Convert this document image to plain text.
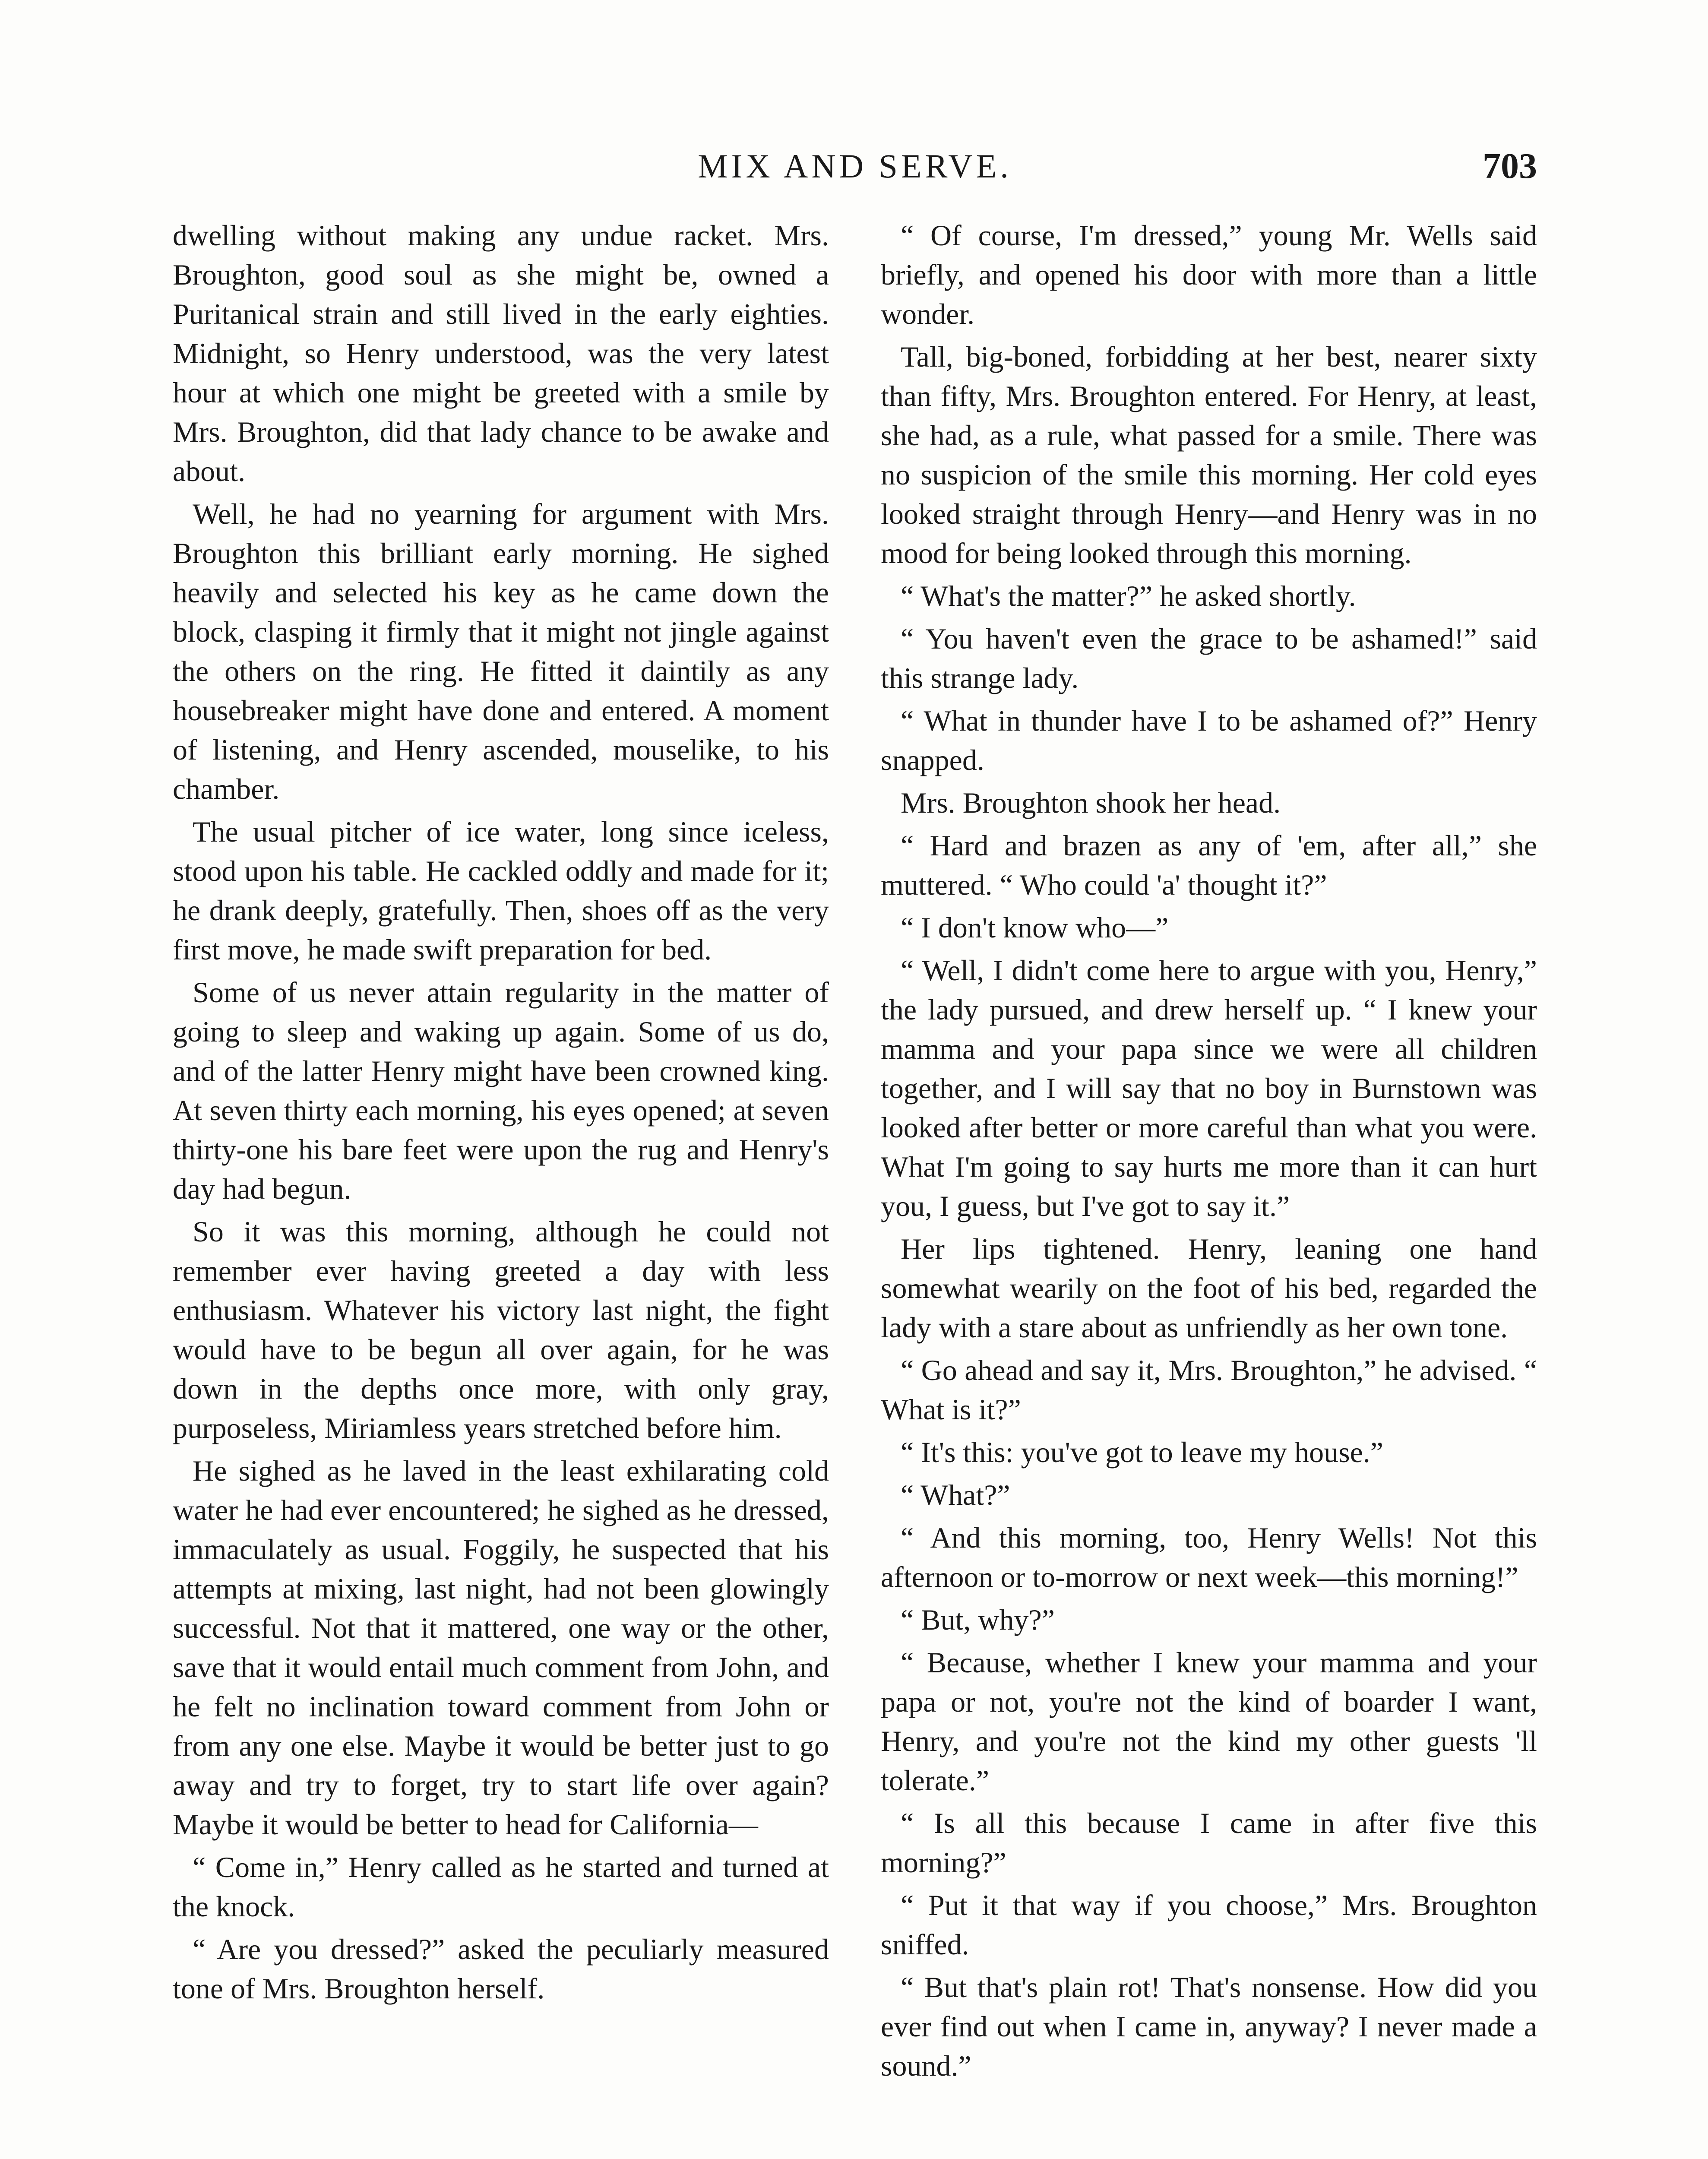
MIX AND SERVE.	703

dwelling without making any undue racket. Mrs. Broughton, good soul as she might be, owned a Puritanical strain and still lived in the early eighties. Midnight, so Henry understood, was the very latest hour at which one might be greeted with a smile by Mrs. Broughton, did that lady chance to be awake and about.

Well, he had no yearning for argument with Mrs. Broughton this brilliant early morning. He sighed heavily and selected his key as he came down the block, clasping it firmly that it might not jingle against the others on the ring. He fitted it daintily as any housebreaker might have done and entered. A moment of listening, and Henry ascended, mouselike, to his chamber.

The usual pitcher of ice water, long since iceless, stood upon his table. He cackled oddly and made for it; he drank deeply, gratefully. Then, shoes off as the very first move, he made swift preparation for bed.

Some of us never attain regularity in the matter of going to sleep and waking up again. Some of us do, and of the latter Henry might have been crowned king. At seven thirty each morning, his eyes opened; at seven thirty-one his bare feet were upon the rug and Henry's day had begun.

So it was this morning, although he could not remember ever having greeted a day with less enthusiasm. Whatever his victory last night, the fight would have to be begun all over again, for he was down in the depths once more, with only gray, purposeless, Miriamless years stretched before him.

He sighed as he laved in the least exhilarating cold water he had ever encountered; he sighed as he dressed, immaculately as usual. Foggily, he suspected that his attempts at mixing, last night, had not been glowingly successful. Not that it mattered, one way or the other, save that it would entail much comment from John, and he felt no inclination toward comment from John or from any one else. Maybe it would be better just to go away and try to forget, try to start life over again? Maybe it would be better to head for California—

“ Come in,” Henry called as he started and turned at the knock.

“ Are you dressed?” asked the peculiarly measured tone of Mrs. Broughton herself.

“ Of course, I'm dressed,” young Mr. Wells said briefly, and opened his door with more than a little wonder.

Tall, big-boned, forbidding at her best, nearer sixty than fifty, Mrs. Broughton entered. For Henry, at least, she had, as a rule, what passed for a smile. There was no suspicion of the smile this morning. Her cold eyes looked straight through Henry—and Henry was in no mood for being looked through this morning.

“ What's the matter?” he asked shortly.

“ You haven't even the grace to be ashamed!” said this strange lady.

“ What in thunder have I to be ashamed of?” Henry snapped.

Mrs. Broughton shook her head.

“ Hard and brazen as any of 'em, after all,” she muttered. “ Who could 'a' thought it?”

“ I don't know who—”

“ Well, I didn't come here to argue with you, Henry,” the lady pursued, and drew herself up. “ I knew your mamma and your papa since we were all children together, and I will say that no boy in Burnstown was looked after better or more careful than what you were. What I'm going to say hurts me more than it can hurt you, I guess, but I've got to say it.”

Her lips tightened. Henry, leaning one hand somewhat wearily on the foot of his bed, regarded the lady with a stare about as unfriendly as her own tone.

“ Go ahead and say it, Mrs. Broughton,” he advised. “ What is it?”

“ It's this: you've got to leave my house.”

“ What?”

“ And this morning, too, Henry Wells! Not this afternoon or to-morrow or next week—this morning!”

“ But, why?”

“ Because, whether I knew your mamma and your papa or not, you're not the kind of boarder I want, Henry, and you're not the kind my other guests 'll tolerate.”

“ Is all this because I came in after five this morning?”

“ Put it that way if you choose,” Mrs. Broughton sniffed.

“ But that's plain rot! That's nonsense. How did you ever find out when I came in, anyway? I never made a sound.”
